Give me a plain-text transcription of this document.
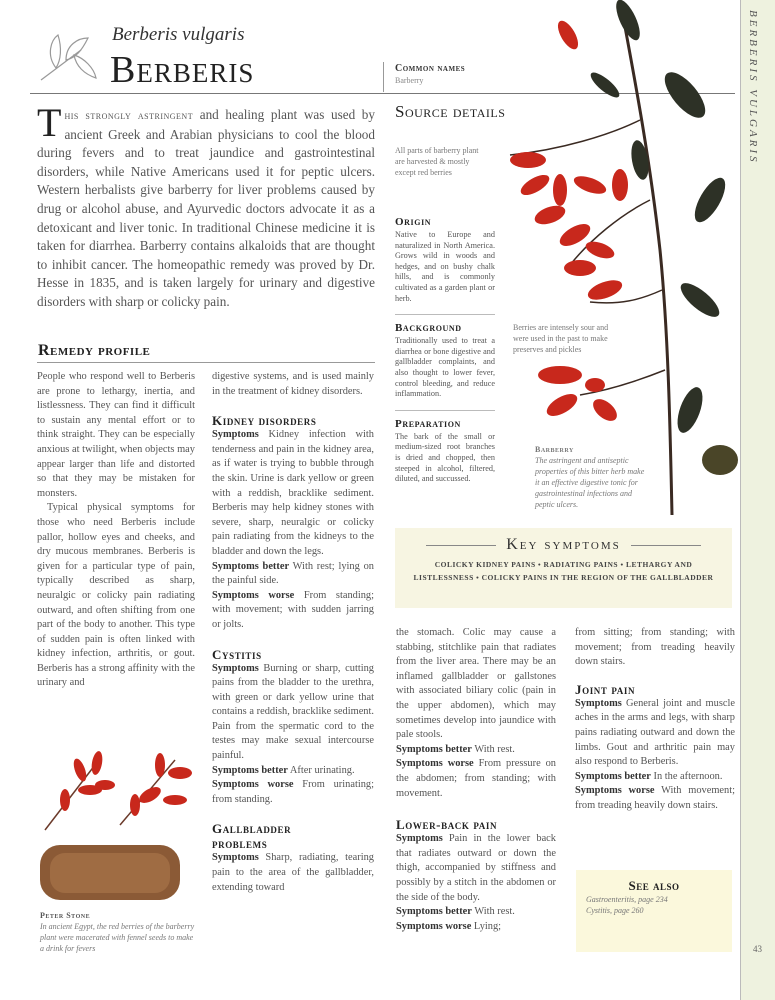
BERBERIS VULGARIS
43
Berberis vulgaris
Berberis	Common names
Barberry
This strongly astringent and healing plant was used by ancient Greek and Arabian physicians to cool the blood during fevers and to treat jaundice and gastrointestinal disorders, while Native Americans used it for peptic ulcers. Western herbalists give barberry for liver problems caused by drug or alcohol abuse, and Ayurvedic doctors advocate it as a detoxicant and liver tonic. In traditional Chinese medicine it is taken for diarrhea. Barberry contains alkaloids that are thought to inhibit cancer. The homeopathic remedy was proved by Dr. Hesse in 1835, and is taken largely for urinary and digestive disorders with sharp or colicky pain.
Remedy profile

People who respond well to Berberis are prone to lethargy, inertia, and listlessness. They can find it difficult to sustain any mental effort or to think straight. They can be especially anxious at twilight, when objects may appear larger than life and distorted so that they may be mistaken for monsters.

Typical physical symptoms for those who need Berberis include pallor, hollow eyes and cheeks, and dry mucous membranes. Berberis is given for a particular type of pain, typically described as sharp, neuralgic or colicky pain radiating outward, and often shifting from one part of the body to another. This type of sudden pain is often linked with kidney infection, arthritis, or gout. Berberis has a strong affinity with the urinary and

Peter Stone
In ancient Egypt, the red berries of the barberry plant were macerated with fennel seeds to make a drink for fevers

digestive systems, and is used mainly in the treatment of kidney disorders.

Kidney disorders

Symptoms Kidney infection with tenderness and pain in the kidney area, as if water is trying to bubble through the skin. Urine is dark yellow or green with a reddish, bracklike sediment. Berberis may help kidney stones with severe, sharp, neuralgic or colicky pain radiating from the kidneys to the bladder and down the legs.

Symptoms better With rest; lying on the painful side.

Symptoms worse From standing; with movement; with sudden jarring or jolts.

Cystitis

Symptoms Burning or sharp, cutting pains from the bladder to the urethra, with green or dark yellow urine that contains a reddish, bracklike sediment. Pain from the spermatic cord to the testes may make sexual intercourse painful.

Symptoms better After urinating.

Symptoms worse From urinating; from standing.

Gallbladder problems

Symptoms Sharp, radiating, tearing pain to the area of the gallbladder, extending toward

Source details
All parts of barberry plant are harvested & mostly except red berries
Origin

Native to Europe and naturalized in North America. Grows wild in woods and hedges, and on bushy chalk hills, and is commonly cultivated as a garden plant or herb.

Background

Traditionally used to treat a diarrhea or bone digestive and gallbladder complaints, and also thought to lower fever, control bleeding, and reduce inflammation.

Preparation

The bark of the small or medium-sized root branches is dried and chopped, then steeped in alcohol, filtered, diluted, and succussed.

Berries are intensely sour and were used in the past to make preserves and pickles
Barberry
The astringent and antiseptic properties of this bitter herb make it an effective digestive tonic for gastrointestinal infections and peptic ulcers.
Key symptoms
COLICKY KIDNEY PAINS • RADIATING PAINS • LETHARGY AND LISTLESSNESS • COLICKY PAINS IN THE REGION OF THE GALLBLADDER

the stomach. Colic may cause a stabbing, stitchlike pain that radiates from the liver area. There may be an inflamed gallbladder or gallstones with associated biliary colic (pain in the upper abdomen), which may sometimes develop into jaundice with pale stools.

Symptoms better With rest.

Symptoms worse From pressure on the abdomen; from standing; with movement.

Lower-back pain

Symptoms Pain in the lower back that radiates outward or down the thigh, accompanied by stiffness and possibly by a stitch in the abdomen or the side of the body.

Symptoms better With rest.

Symptoms worse Lying;

from sitting; from standing; with movement; from treading heavily down stairs.

Joint pain

Symptoms General joint and muscle aches in the arms and legs, with sharp pains radiating outward and down the limbs. Gout and arthritic pain may also respond to Berberis.

Symptoms better In the afternoon.

Symptoms worse With movement; from treading heavily down stairs.

See also
Gastroenteritis, page 234
Cystitis, page 260
